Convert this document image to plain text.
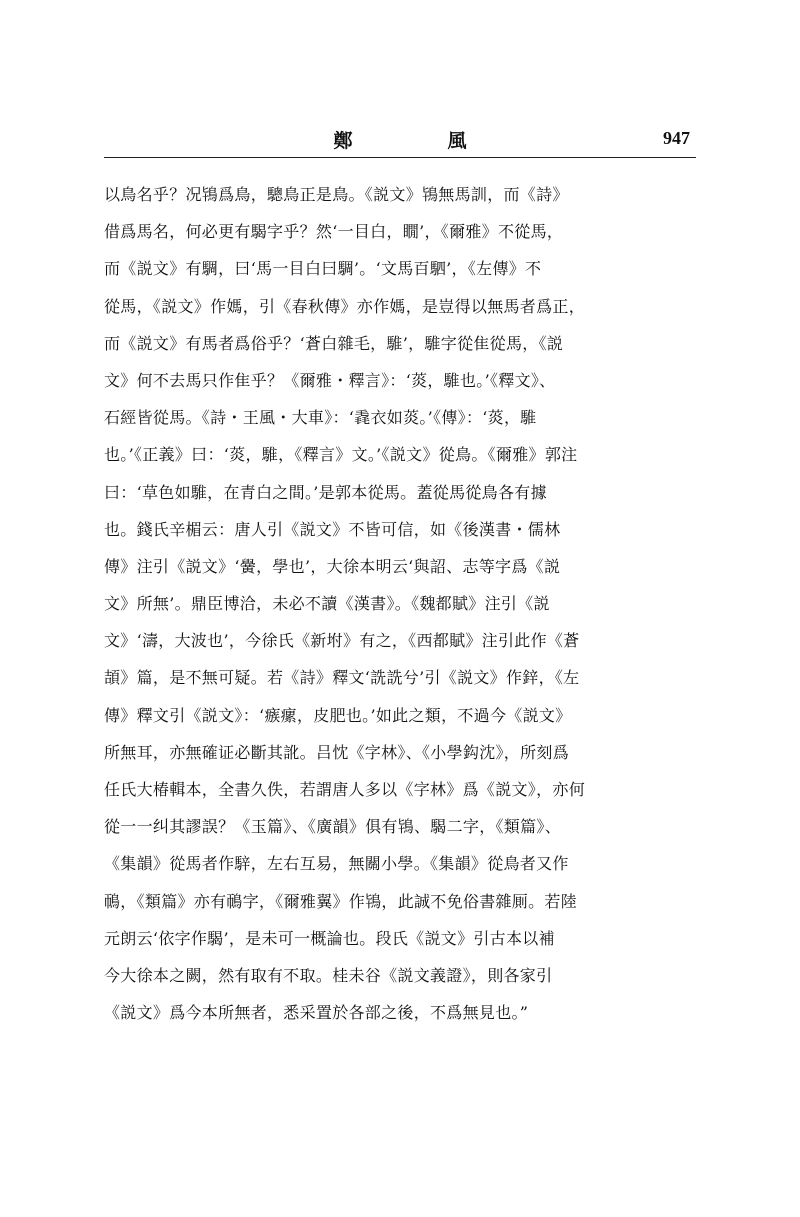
鄭　風	947
以鳥名乎？况鴇爲鳥，驄鳥正是鳥。《説文》鴇無馬訓，而《詩》
借爲馬名，何必更有騔字乎？然‘一目白，瞯’，《爾雅》不從馬，
而《説文》有騆，曰‘馬一目白曰騆’。‘文馬百駟’，《左傳》不
從馬，《説文》作媽，引《春秋傳》亦作媽，是豈得以無馬者爲正，
而《説文》有馬者爲俗乎？‘蒼白雜毛，騅’，騅字從隹從馬，《説
文》何不去馬只作隹乎？《爾雅・釋言》：‘菼，騅也。’《釋文》、
石經皆從馬。《詩・王風・大車》：‘毳衣如菼。’《傳》：‘菼，騅
也。’《正義》曰：‘菼，騅，《釋言》文。’《説文》從鳥。《爾雅》郭注
曰：‘草色如騅，在青白之間。’是郭本從馬。蓋從馬從鳥各有據
也。錢氏辛楣云：唐人引《説文》不皆可信，如《後漢書・儒林
傳》注引《説文》‘黌，學也’，大徐本明云‘與詔、志等字爲《説
文》所無’。鼎臣博洽，未必不讀《漢書》。《魏都賦》注引《説
文》‘濤，大波也’，今徐氏《新坿》有之，《西都賦》注引此作《蒼
頡》篇，是不無可疑。若《詩》釋文‘詵詵兮’引《説文》作鋅，《左
傳》釋文引《説文》：‘瘯瘰，皮肥也。’如此之類，不過今《説文》
所無耳，亦無確证必斷其訛。吕忱《字林》、《小學鈎沈》，所刻爲
任氏大椿輯本，全書久佚，若謂唐人多以《字林》爲《説文》，亦何
從一一纠其謬誤？《玉篇》、《廣韻》俱有鴇、騔二字，《類篇》、
《集韻》從馬者作騂，左右互易，無關小學。《集韻》從鳥者又作
鳾，《類篇》亦有鳾字，《爾雅翼》作鴇，此誠不免俗書雜厠。若陸
元朗云‘依字作騔’，是未可一概論也。段氏《説文》引古本以補
今大徐本之闕，然有取有不取。桂未谷《説文義證》，則各家引
《説文》爲今本所無者，悉采置於各部之後，不爲無見也。”
